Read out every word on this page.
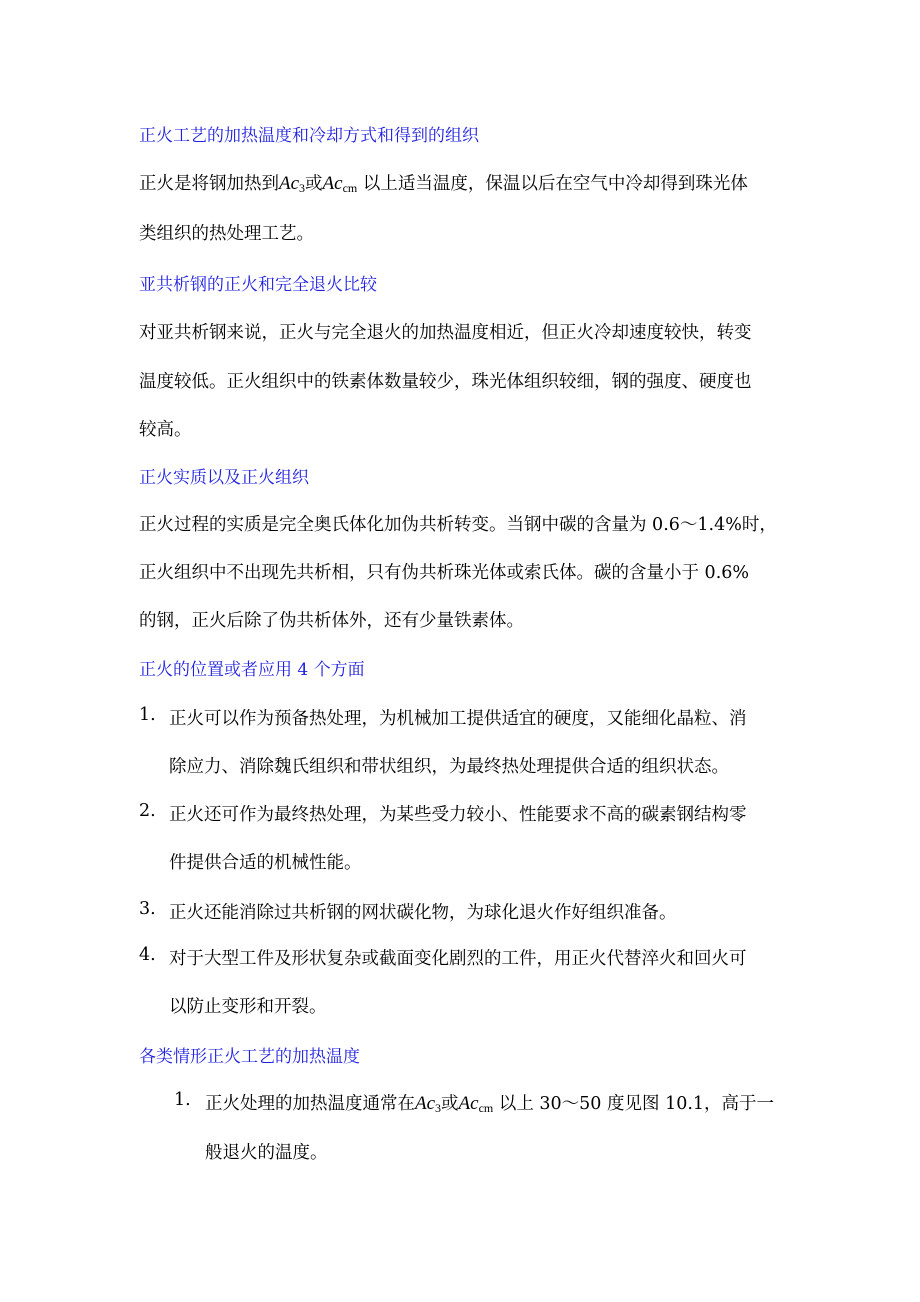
正火工艺的加热温度和冷却方式和得到的组织
正火是将钢加热到$Ac_3$或$Ac_{cm}$ 以上适当温度，保温以后在空气中冷却得到珠光体
类组织的热处理工艺。
亚共析钢的正火和完全退火比较
对亚共析钢来说，正火与完全退火的加热温度相近，但正火冷却速度较快，转变
温度较低。正火组织中的铁素体数量较少，珠光体组织较细，钢的强度、硬度也
较高。
正火实质以及正火组织
正火过程的实质是完全奥氏体化加伪共析转变。当钢中碳的含量为 0.6～1.4%时，
正火组织中不出现先共析相，只有伪共析珠光体或索氏体。碳的含量小于 0.6%
的钢，正火后除了伪共析体外，还有少量铁素体。
正火的位置或者应用 4 个方面
1. 正火可以作为预备热处理，为机械加工提供适宜的硬度，又能细化晶粒、消
除应力、消除魏氏组织和带状组织，为最终热处理提供合适的组织状态。
2. 正火还可作为最终热处理，为某些受力较小、性能要求不高的碳素钢结构零
件提供合适的机械性能。
3. 正火还能消除过共析钢的网状碳化物，为球化退火作好组织准备。
4. 对于大型工件及形状复杂或截面变化剧烈的工件，用正火代替淬火和回火可
以防止变形和开裂。
各类情形正火工艺的加热温度
1. 正火处理的加热温度通常在$Ac_3$或$Ac_{cm}$ 以上 30～50 度见图 10.1，高于一
般退火的温度。
